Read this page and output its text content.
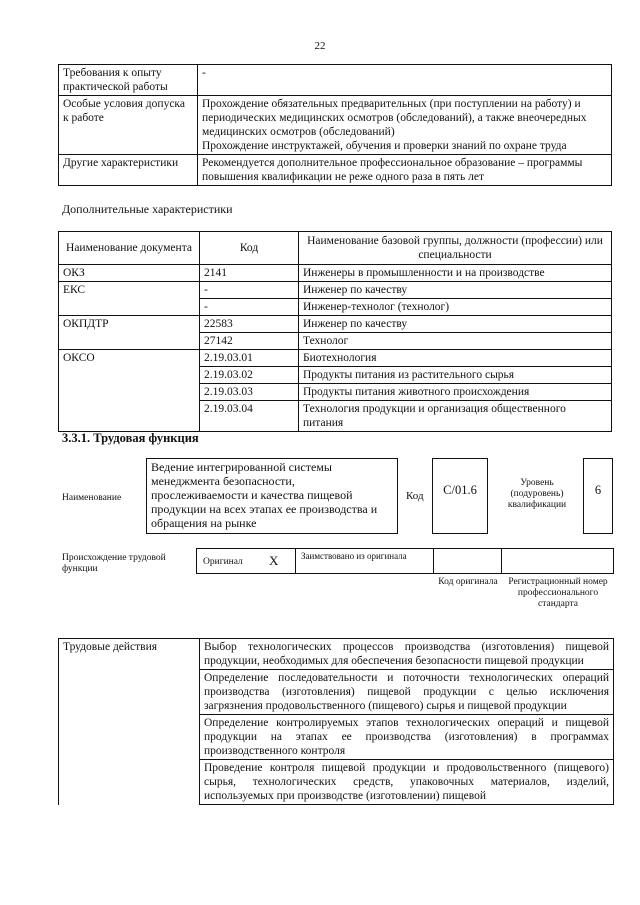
22
Требования к опыту практической работы	-

Особые условия допуска к работе	Прохождение обязательных предварительных (при поступлении на работу) и периодических медицинских осмотров (обследований), а также внеочередных медицинских осмотров (обследований)
Прохождение инструктажей, обучения и проверки знаний по охране труда

Другие характеристики	Рекомендуется дополнительное профессиональное образование – программы повышения квалификации не реже одного раза в пять лет
Дополнительные характеристики
Наименование документа	Код	Наименование базовой группы, должности (профессии) или специальности
ОКЗ	2141	Инженеры в промышленности и на производстве
ЕКС	-	Инженер по качеству
	-	Инженер-технолог (технолог)
ОКПДТР	22583	Инженер по качеству
	27142	Технолог
ОКСО	2.19.03.01	Биотехнология
	2.19.03.02	Продукты питания из растительного сырья
	2.19.03.03	Продукты питания животного происхождения
	2.19.03.04	Технология продукции и организация общественного питания
3.3.1. Трудовая функция
Наименование
Ведение интегрированной системы менеджмента безопасности, прослеживаемости и качества пищевой продукции на всех этапах ее производства и обращения на рынке
Код	C/01.6	Уровень (подуровень) квалификации
6
Происхождение трудовой функции
Оригинал X	Заимствовано из оригинала
Код оригинала Регистрационный номер профессионального стандарта
Трудовые действия	Выбор технологических процессов производства (изготовления) пищевой продукции, необходимых для обеспечения безопасности пищевой продукции
	Определение последовательности и поточности технологических операций производства (изготовления) пищевой продукции с целью исключения загрязнения продовольственного (пищевого) сырья и пищевой продукции
	Определение контролируемых этапов технологических операций и пищевой продукции на этапах ее производства (изготовления) в программах производственного контроля
	Проведение контроля пищевой продукции и продовольственного (пищевого) сырья, технологических средств, упаковочных материалов, изделий, используемых при производстве (изготовлении) пищевой
